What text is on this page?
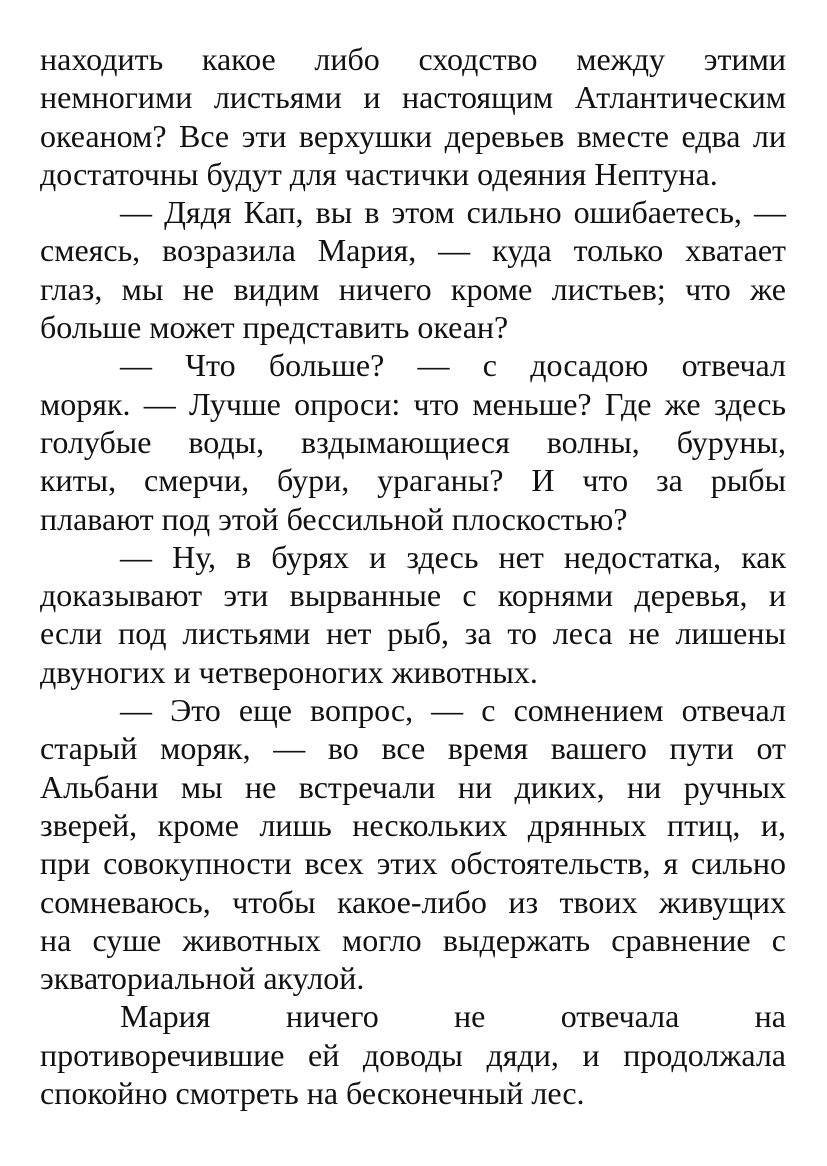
находить какое либо сходство между этими
немногими листьями и настоящим Атлантическим
океаном? Все эти верхушки деревьев вместе едва ли
достаточны будут для частички одеяния Нептуна.
— Дядя Кап, вы в этом сильно ошибаетесь, —
смеясь, возразила Мария, — куда только хватает
глаз, мы не видим ничего кроме листьев; что же
больше может представить океан?
— Что больше? — с досадою отвечал
моряк. — Лучше опроси: что меньше? Где же здесь
голубые воды, вздымающиеся волны, буруны,
киты, смерчи, бури, ураганы? И что за рыбы
плавают под этой бессильной плоскостью?
— Ну, в бурях и здесь нет недостатка, как
доказывают эти вырванные с корнями деревья, и
если под листьями нет рыб, за то леса не лишены
двуногих и четвероногих животных.
— Это еще вопрос, — с сомнением отвечал
старый моряк, — во все время вашего пути от
Альбани мы не встречали ни диких, ни ручных
зверей, кроме лишь нескольких дрянных птиц, и,
при совокупности всех этих обстоятельств, я сильно
сомневаюсь, чтобы какое-либо из твоих живущих
на суше животных могло выдержать сравнение с
экваториальной акулой.
Мария ничего не отвечала на
противоречившие ей доводы дяди, и продолжала
спокойно смотреть на бесконечный лес.
